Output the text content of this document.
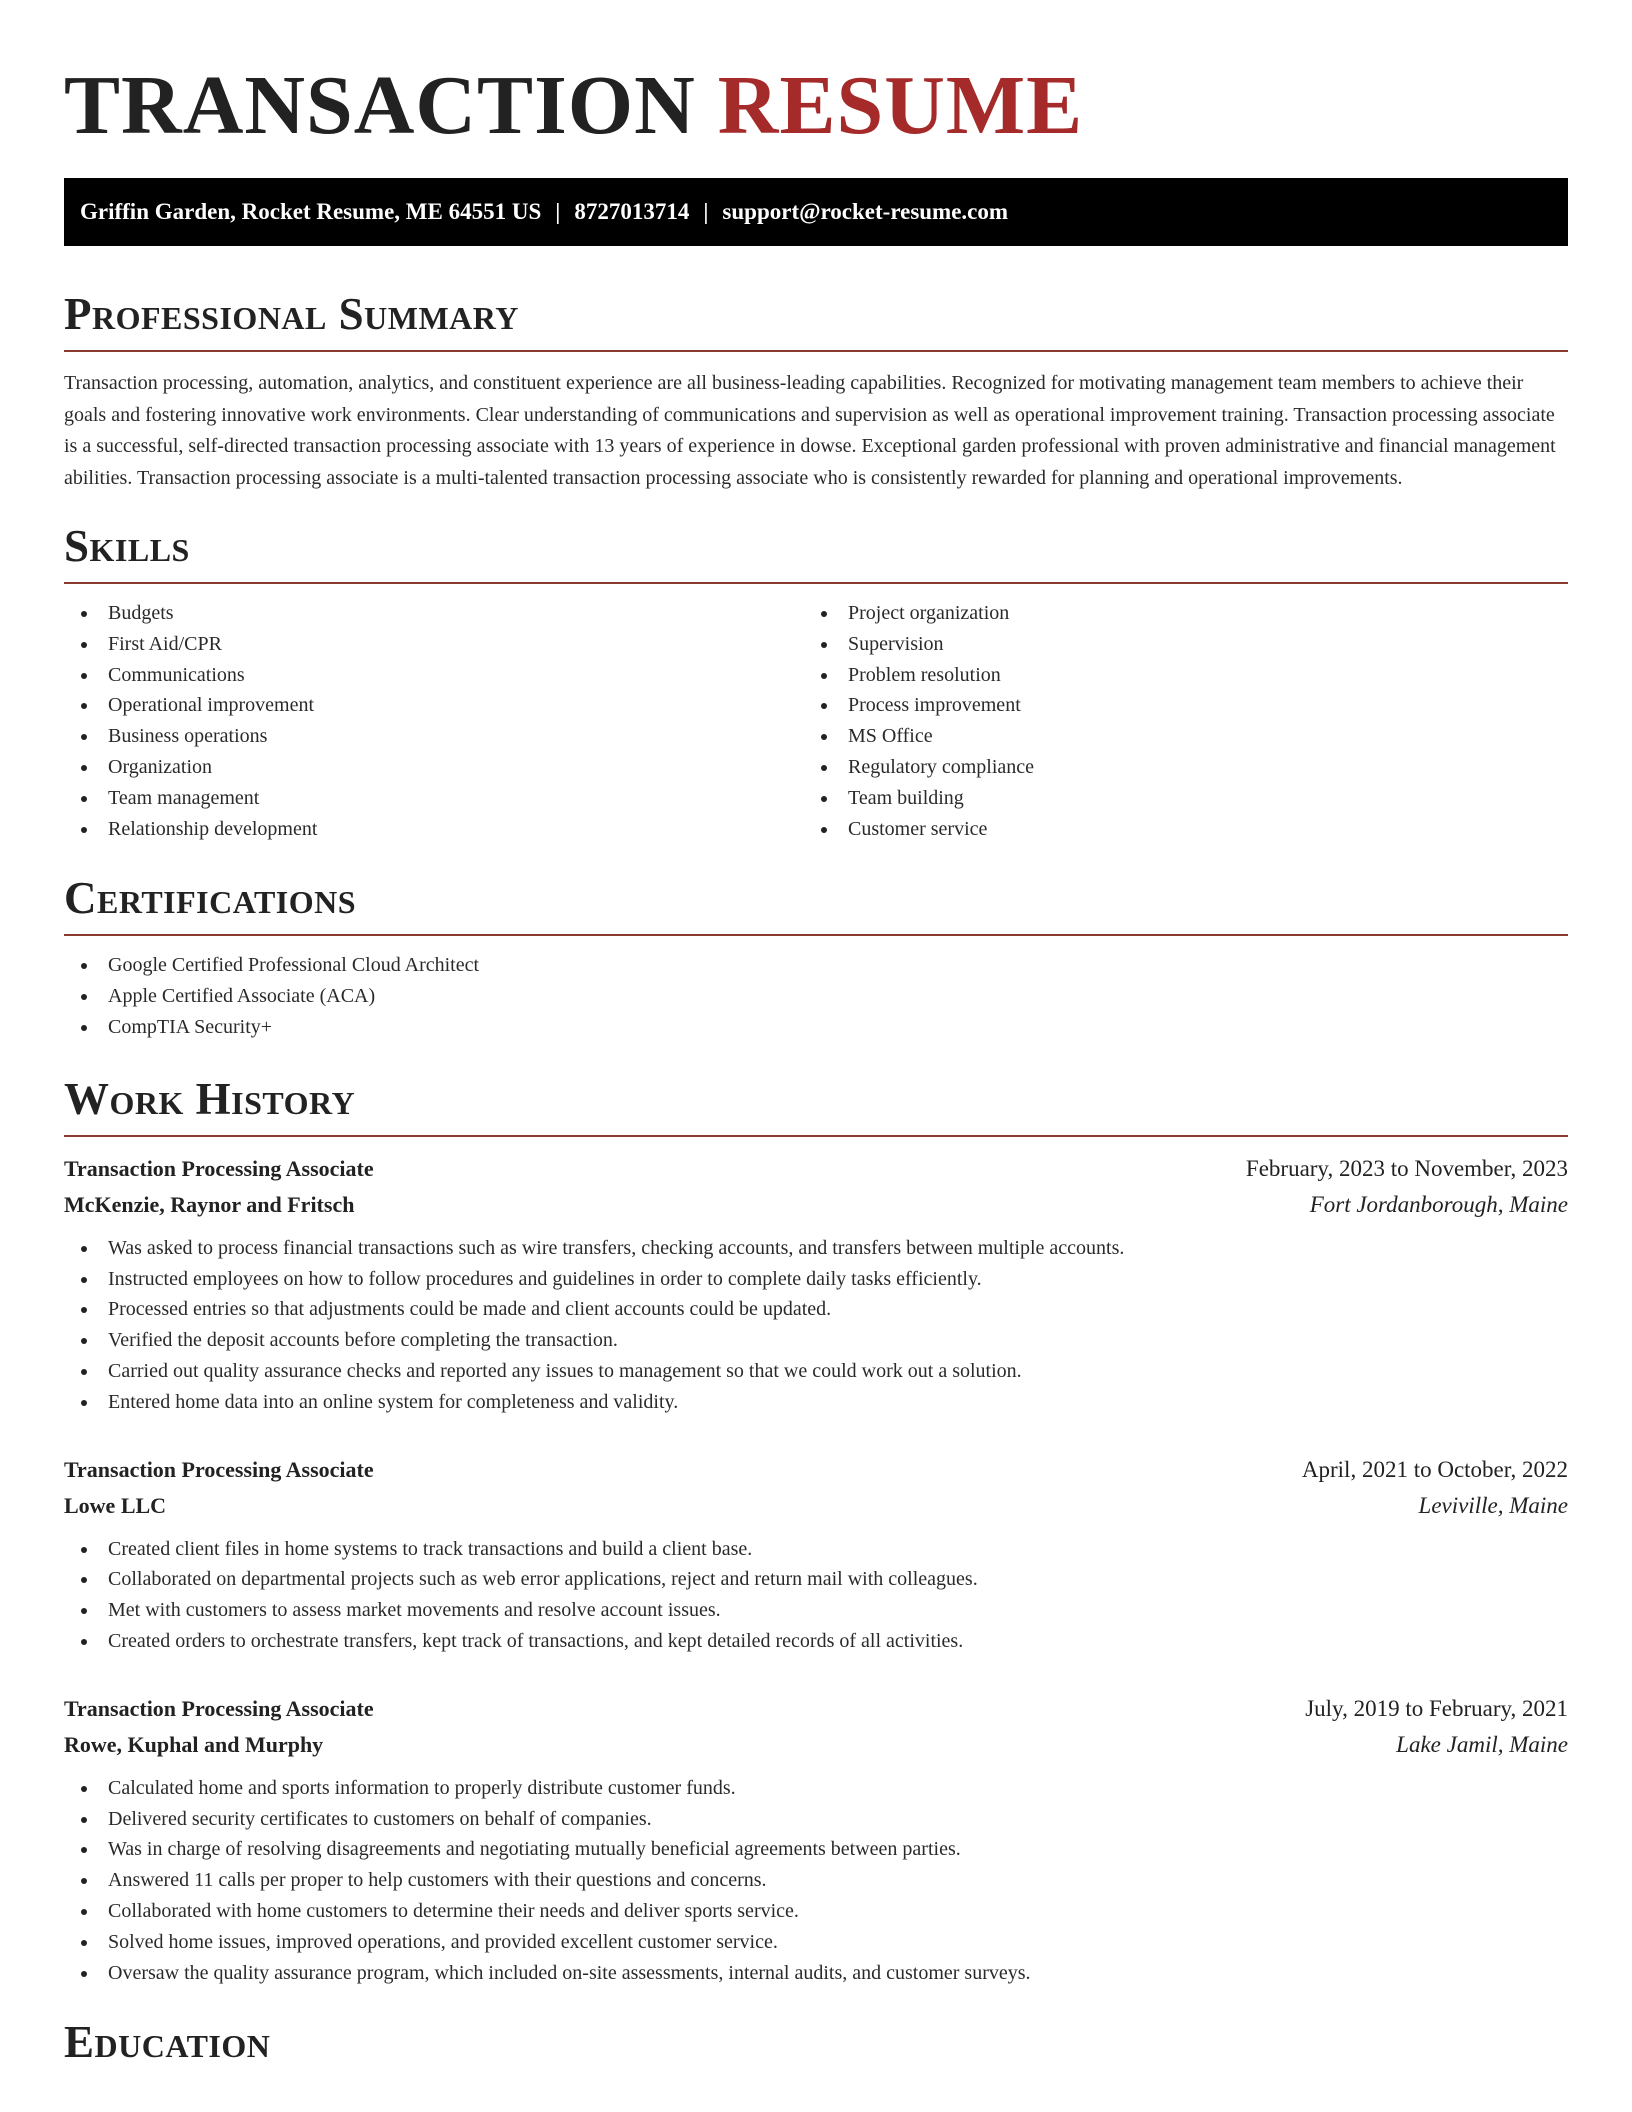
TRANSACTION RESUME
Griffin Garden, Rocket Resume, ME 64551 US | 8727013714 | support@rocket-resume.com
Professional Summary

Transaction processing, automation, analytics, and constituent experience are all business-leading capabilities. Recognized for motivating management team members to achieve their goals and fostering innovative work environments. Clear understanding of communications and supervision as well as operational improvement training. Transaction processing associate is a successful, self-directed transaction processing associate with 13 years of experience in dowse. Exceptional garden professional with proven administrative and financial management abilities. Transaction processing associate is a multi-talented transaction processing associate who is consistently rewarded for planning and operational improvements.

Skills
Budgets
First Aid/CPR
Communications
Operational improvement
Business operations
Organization
Team management
Relationship development
Project organization
Supervision
Problem resolution
Process improvement
MS Office
Regulatory compliance
Team building
Customer service
Certifications
Google Certified Professional Cloud Architect
Apple Certified Associate (ACA)
CompTIA Security+
Work History
Transaction Processing Associate	February, 2023 to November, 2023
McKenzie, Raynor and Fritsch	Fort Jordanborough, Maine
Was asked to process financial transactions such as wire transfers, checking accounts, and transfers between multiple accounts.
Instructed employees on how to follow procedures and guidelines in order to complete daily tasks efficiently.
Processed entries so that adjustments could be made and client accounts could be updated.
Verified the deposit accounts before completing the transaction.
Carried out quality assurance checks and reported any issues to management so that we could work out a solution.
Entered home data into an online system for completeness and validity.
Transaction Processing Associate	April, 2021 to October, 2022
Lowe LLC	Leviville, Maine
Created client files in home systems to track transactions and build a client base.
Collaborated on departmental projects such as web error applications, reject and return mail with colleagues.
Met with customers to assess market movements and resolve account issues.
Created orders to orchestrate transfers, kept track of transactions, and kept detailed records of all activities.
Transaction Processing Associate	July, 2019 to February, 2021
Rowe, Kuphal and Murphy	Lake Jamil, Maine
Calculated home and sports information to properly distribute customer funds.
Delivered security certificates to customers on behalf of companies.
Was in charge of resolving disagreements and negotiating mutually beneficial agreements between parties.
Answered 11 calls per proper to help customers with their questions and concerns.
Collaborated with home customers to determine their needs and deliver sports service.
Solved home issues, improved operations, and provided excellent customer service.
Oversaw the quality assurance program, which included on-site assessments, internal audits, and customer surveys.
Education
